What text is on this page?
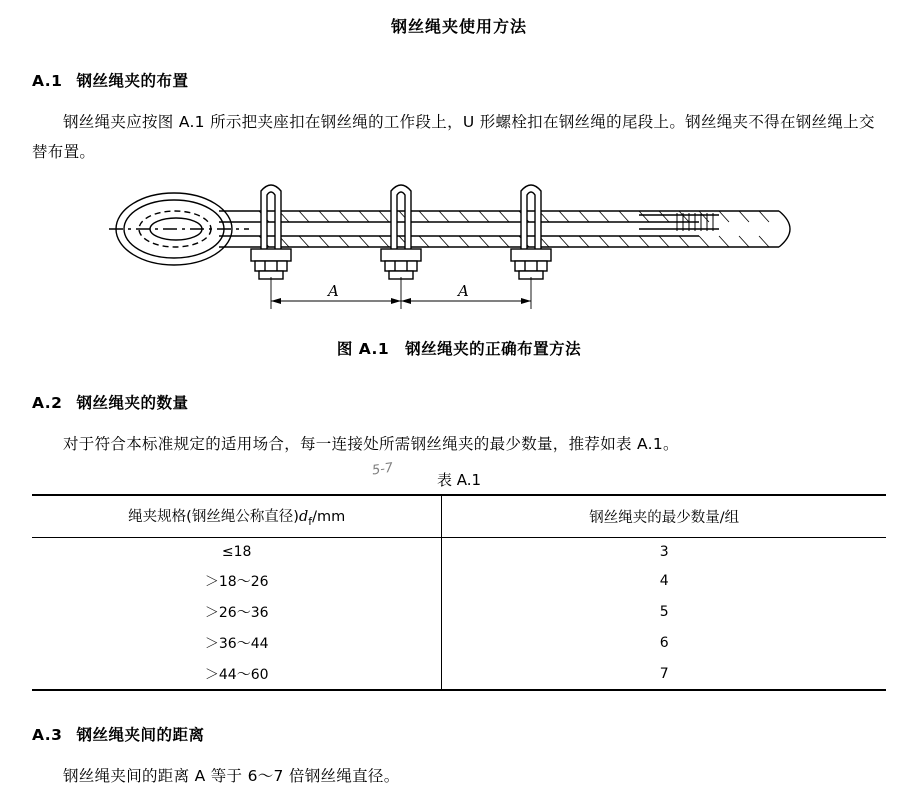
钢丝绳夹使用方法
A.1 钢丝绳夹的布置
钢丝绳夹应按图 A.1 所示把夹座扣在钢丝绳的工作段上，U 形螺栓扣在钢丝绳的尾段上。钢丝绳夹不得在钢丝绳上交替布置。
A	A
图 A.1　钢丝绳夹的正确布置方法
A.2 钢丝绳夹的数量
对于符合本标准规定的适用场合，每一连接处所需钢丝绳夹的最少数量，推荐如表 A.1。
5-7
表 A.1
绳夹规格(钢丝绳公称直径)$d_f/mm$	钢丝绳夹的最少数量/组
≤18	3
＞18～26	4
＞26～36	5
＞36～44	6
＞44～60	7
A.3 钢丝绳夹间的距离
钢丝绳夹间的距离 A 等于 6～7 倍钢丝绳直径。
